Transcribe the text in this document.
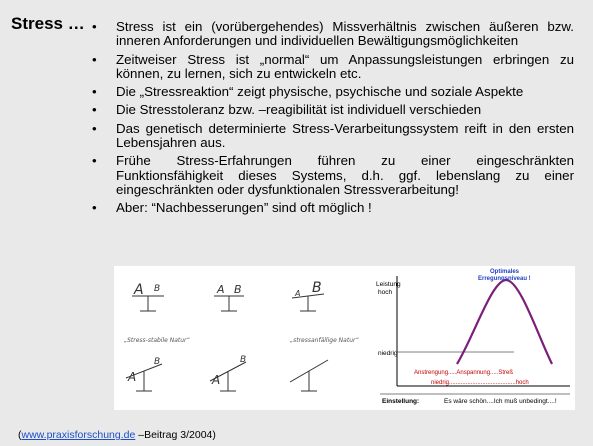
Stress …
•	Stress ist ein (vorübergehendes) Missverhältnis zwischen äußeren bzw. inneren Anforderungen und individuellen Bewältigungsmöglichkeiten
• Zeitweiser Stress ist „normal“ um Anpassungsleistungen erbringen zu können, zu lernen, sich zu entwickeln etc.
• Die „Stressreaktion“ zeigt physische, psychische und soziale Aspekte
• Die Stresstoleranz bzw. –reagibilität ist individuell verschieden
• Das genetisch determinierte Stress-Verarbeitungssystem reift in den ersten Lebensjahren aus.
• Frühe Stress-Erfahrungen führen zu einer eingeschränkten Funktionsfähigkeit dieses Systems, d.h. ggf. lebenslang zu einer eingeschränkten oder dysfunktionalen Stressverarbeitung!
• Aber: “Nachbesserungen” sind oft möglich !
A B	A B	A B
A
B
A
B
„Stress-stabile Natur“	„stressanfällige Natur“
Leistung
hoch
niedrig
Optimales
Erregungsniveau !
Anstrengung.....Anspannung.....Streß
niedrig........................................hoch
Einstellung:	Es wäre schön....Ich muß unbedingt....!
(www.praxisforschung.de –Beitrag 3/2004)
